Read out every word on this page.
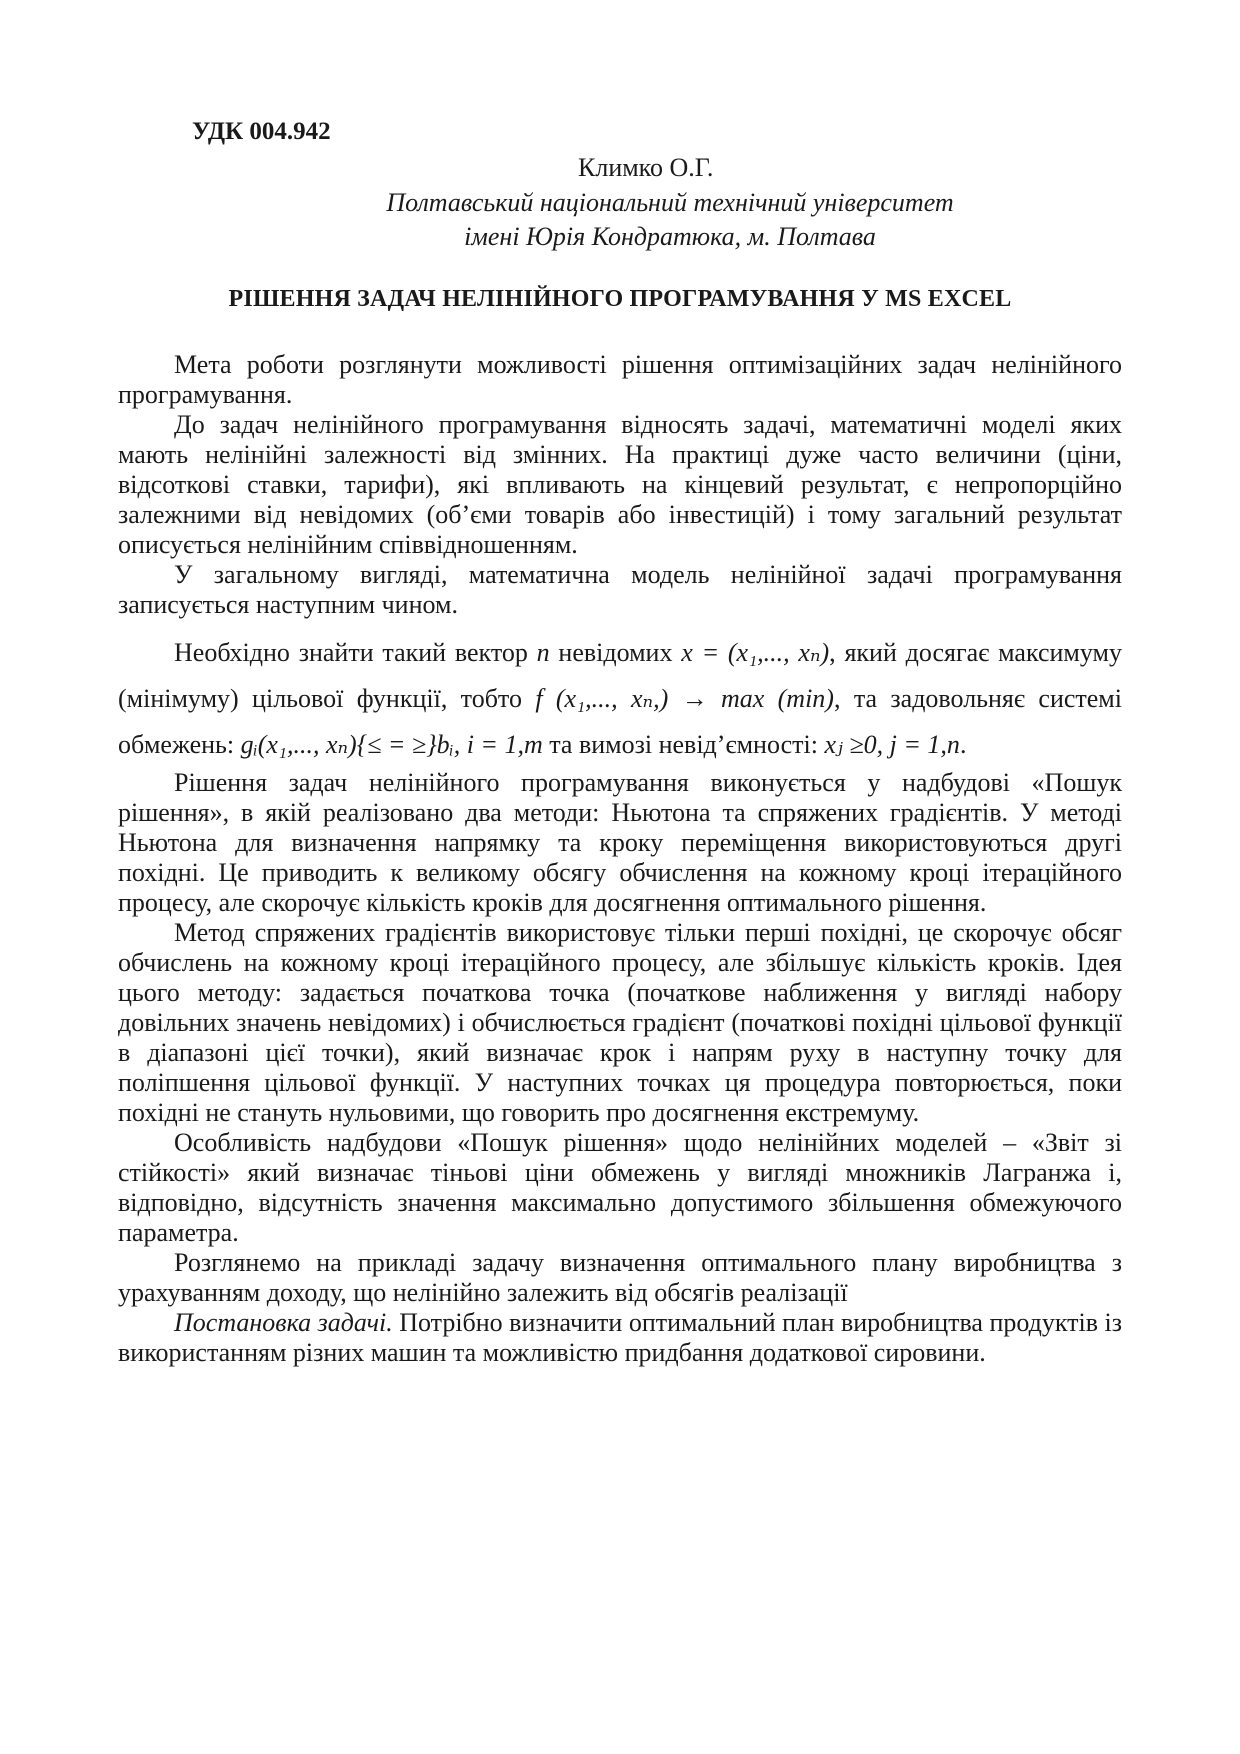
УДК 004.942
Климко О.Г.
Полтавський національний технічний університет
імені Юрія Кондратюка, м. Полтава
РІШЕННЯ ЗАДАЧ НЕЛІНІЙНОГО ПРОГРАМУВАННЯ У MS EXCEL

Мета роботи розглянути можливості рішення оптимізаційних задач нелінійного програмування.

До задач нелінійного програмування відносять задачі, математичні моделі яких мають нелінійні залежності від змінних. На практиці дуже часто величини (ціни, відсоткові ставки, тарифи), які впливають на кінцевий результат, є непропорційно залежними від невідомих (об’єми товарів або інвестицій) і тому загальний результат описується нелінійним співвідношенням.

У загальному вигляді, математична модель нелінійної задачі програмування записується наступним чином.

Необхідно знайти такий вектор n невідомих x = (x₁,..., xₙ), який досягає максимуму (мінімуму) цільової функції, тобто f (x₁,..., xₙ,) → max (min), та задовольняє системі обмежень: gᵢ(x₁,..., xₙ){≤ = ≥}bᵢ, i = 1,m та вимозі невід’ємності: xⱼ ≥0, j = 1,n.

Рішення задач нелінійного програмування виконується у надбудові «Пошук рішення», в якій реалізовано два методи: Ньютона та спряжених градієнтів. У методі Ньютона для визначення напрямку та кроку переміщення використовуються другі похідні. Це приводить к великому обсягу обчислення на кожному кроці ітераційного процесу, але скорочує кількість кроків для досягнення оптимального рішення.

Метод спряжених градієнтів використовує тільки перші похідні, це скорочує обсяг обчислень на кожному кроці ітераційного процесу, але збільшує кількість кроків. Ідея цього методу: задається початкова точка (початкове наближення у вигляді набору довільних значень невідомих) і обчислюється градієнт (початкові похідні цільової функції в діапазоні цієї точки), який визначає крок і напрям руху в наступну точку для поліпшення цільової функції. У наступних точках ця процедура повторюється, поки похідні не стануть нульовими, що говорить про досягнення екстремуму.

Особливість надбудови «Пошук рішення» щодо нелінійних моделей – «Звіт зі стійкості» який визначає тіньові ціни обмежень у вигляді множників Лагранжа і, відповідно, відсутність значення максимально допустимого збільшення обмежуючого параметра.

Розглянемо на прикладі задачу визначення оптимального плану виробництва з урахуванням доходу, що нелінійно залежить від обсягів реалізації

Постановка задачі. Потрібно визначити оптимальний план виробництва продуктів із використанням різних машин та можливістю придбання додаткової сировини.
